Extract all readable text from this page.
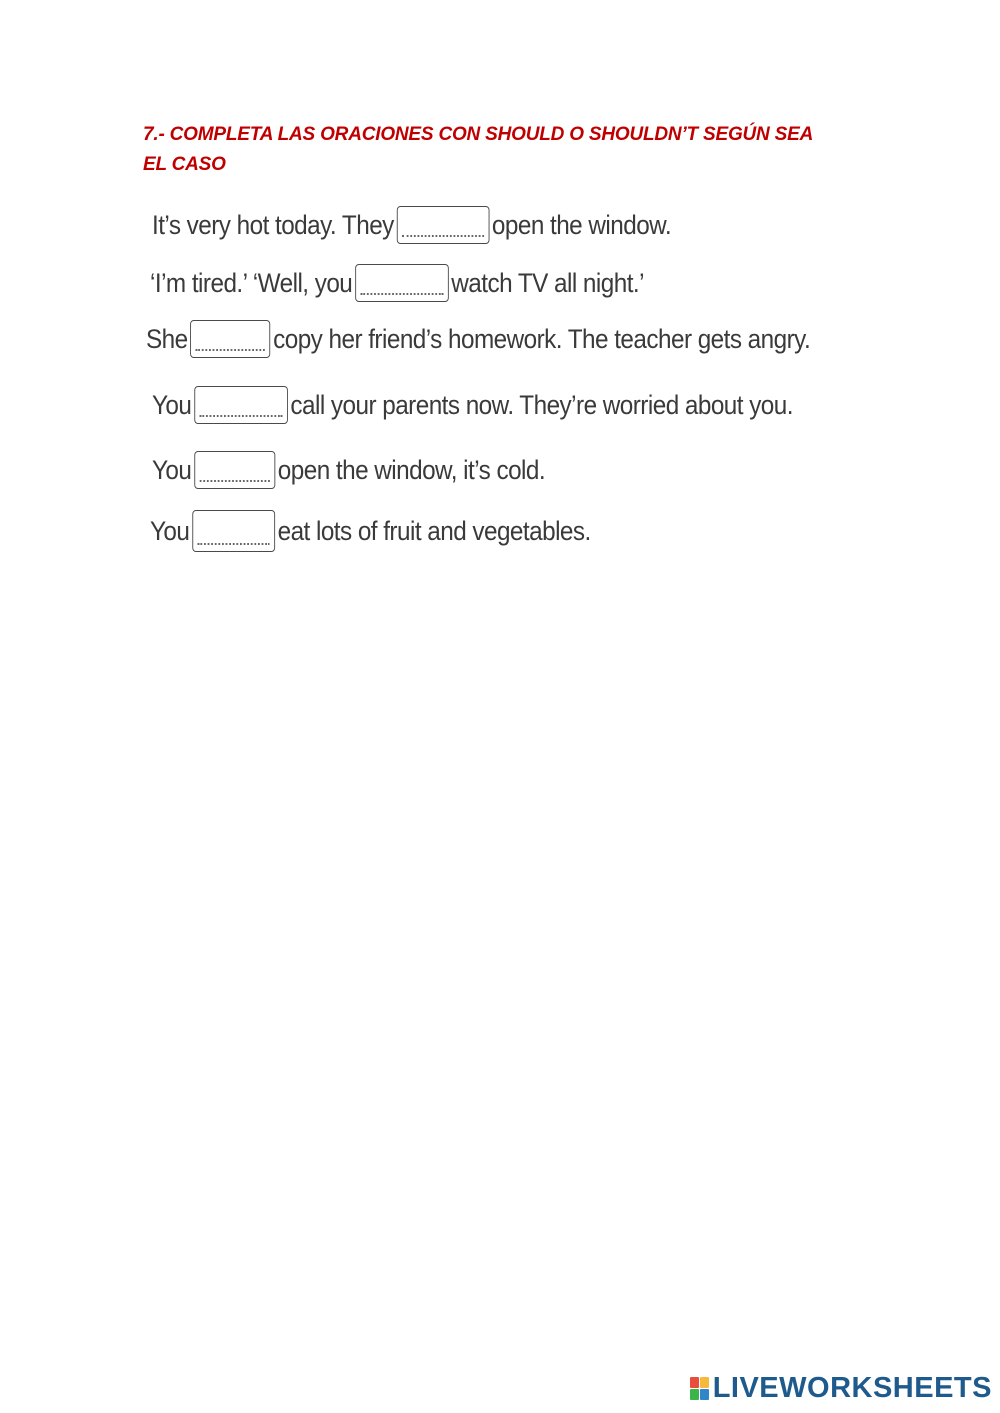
7.- COMPLETA LAS ORACIONES CON SHOULD O SHOULDN’T SEGÚN SEA
EL CASO
It’s very hot today. They	open the window.
‘I’m tired.’ ‘Well, you	watch TV all night.’
She	copy her friend’s homework. The teacher gets angry.
You	call your parents now. They’re worried about you.
You	open the window, it’s cold.
You	eat lots of fruit and vegetables.
LIVEWORKSHEETS
